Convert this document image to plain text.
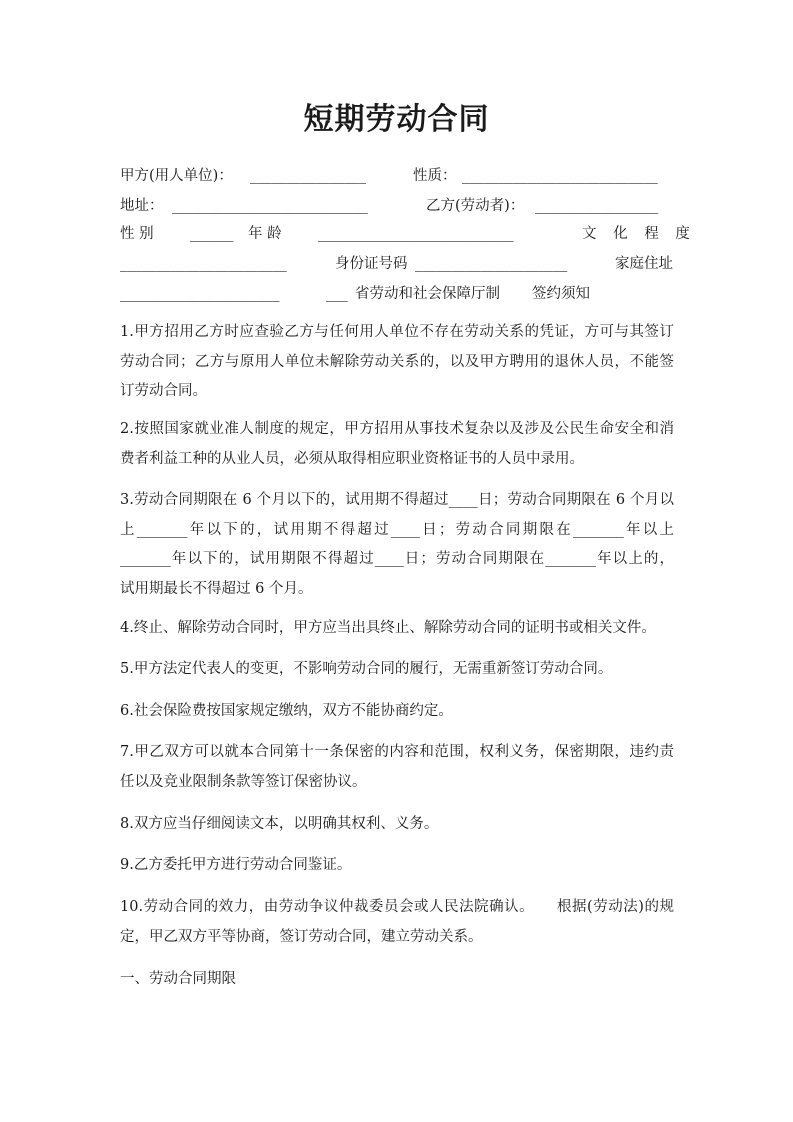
短期劳动合同
甲方(用人单位)： ________________	性质： ___________________________
地址： ___________________________	乙方(劳动者)： _________________
性 别	______ 年 龄	___________________________	文 化 程 度
_______________________	身份证号码 _____________________	家庭住址
______________________	___ 省劳动和社会保障厅制 签约须知
1.甲方招用乙方时应查验乙方与任何用人单位不存在劳动关系的凭证，方可与其签订
劳动合同；乙方与原用人单位未解除劳动关系的，以及甲方聘用的退休人员，不能签
订劳动合同。
2.按照国家就业准人制度的规定，甲方招用从事技术复杂以及涉及公民生命安全和消
费者利益工种的从业人员，必须从取得相应职业资格证书的人员中录用。
3.劳动合同期限在 6 个月以下的，试用期不得超过____日；劳动合同期限在 6 个月以
上_______年以下的，试用期不得超过____日；劳动合同期限在_______年以上
_______年以下的，试用期限不得超过____日；劳动合同期限在_______年以上的，
试用期最长不得超过 6 个月。
4.终止、解除劳动合同时，甲方应当出具终止、解除劳动合同的证明书或相关文件。
5.甲方法定代表人的变更，不影响劳动合同的履行，无需重新签订劳动合同。
6.社会保险费按国家规定缴纳，双方不能协商约定。
7.甲乙双方可以就本合同第十一条保密的内容和范围，权利义务，保密期限，违约责
任以及竞业限制条款等签订保密协议。
8.双方应当仔细阅读文本，以明确其权利、义务。
9.乙方委托甲方进行劳动合同鉴证。
10.劳动合同的效力，由劳动争议仲裁委员会或人民法院确认。　　根据(劳动法)的规
定，甲乙双方平等协商，签订劳动合同，建立劳动关系。
一、劳动合同期限
